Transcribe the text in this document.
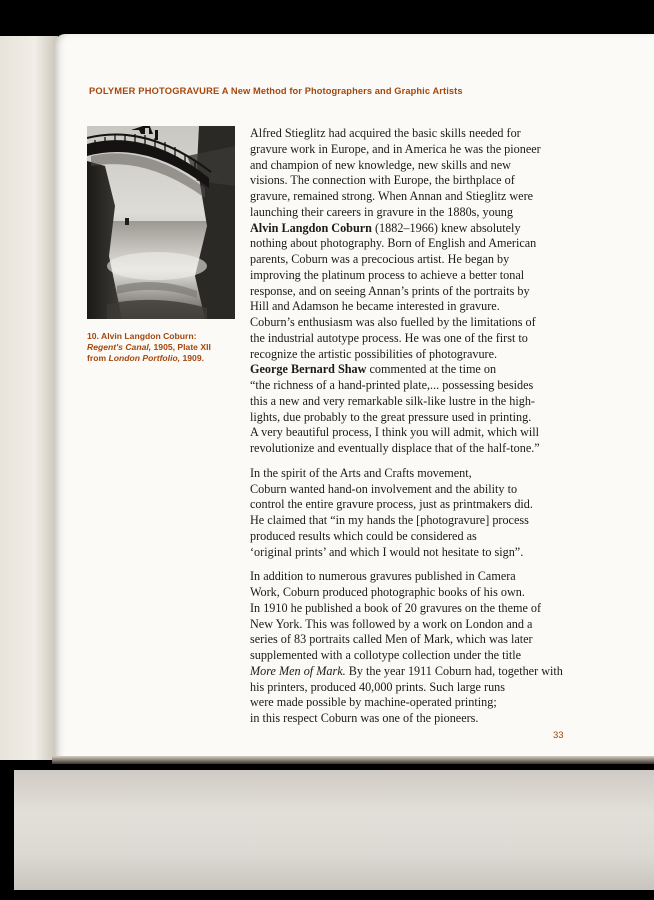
POLYMER PHOTOGRAVURE A New Method for Photographers and Graphic Artists
10. Alvin Langdon Coburn:
Regent's Canal, 1905, Plate XII
from London Portfolio, 1909.

Alfred Stieglitz had acquired the basic skills needed for
gravure work in Europe, and in America he was the pioneer
and champion of new knowledge, new skills and new
visions. The connection with Europe, the birthplace of
gravure, remained strong. When Annan and Stieglitz were
launching their careers in gravure in the 1880s, young
Alvin Langdon Coburn (1882–1966) knew absolutely
nothing about photography. Born of English and American
parents, Coburn was a precocious artist. He began by
improving the platinum process to achieve a better tonal
response, and on seeing Annan’s prints of the portraits by
Hill and Adamson he became interested in gravure.
Coburn’s enthusiasm was also fuelled by the limitations of
the industrial autotype process. He was one of the first to
recognize the artistic possibilities of photogravure.
George Bernard Shaw commented at the time on
“the richness of a hand-printed plate,... possessing besides
this a new and very remarkable silk-like lustre in the high-
lights, due probably to the great pressure used in printing.
A very beautiful process, I think you will admit, which will
revolutionize and eventually displace that of the half-tone.”

In the spirit of the Arts and Crafts movement,
Coburn wanted hand-on involvement and the ability to
control the entire gravure process, just as printmakers did.
He claimed that “in my hands the [photogravure] process
produced results which could be considered as
‘original prints’ and which I would not hesitate to sign”.

In addition to numerous gravures published in Camera
Work, Coburn produced photographic books of his own.
In 1910 he published a book of 20 gravures on the theme of
New York. This was followed by a work on London and a
series of 83 portraits called Men of Mark, which was later
supplemented with a collotype collection under the title
More Men of Mark. By the year 1911 Coburn had, together with
his printers, produced 40,000 prints. Such large runs
were made possible by machine-operated printing;
in this respect Coburn was one of the pioneers.

33
